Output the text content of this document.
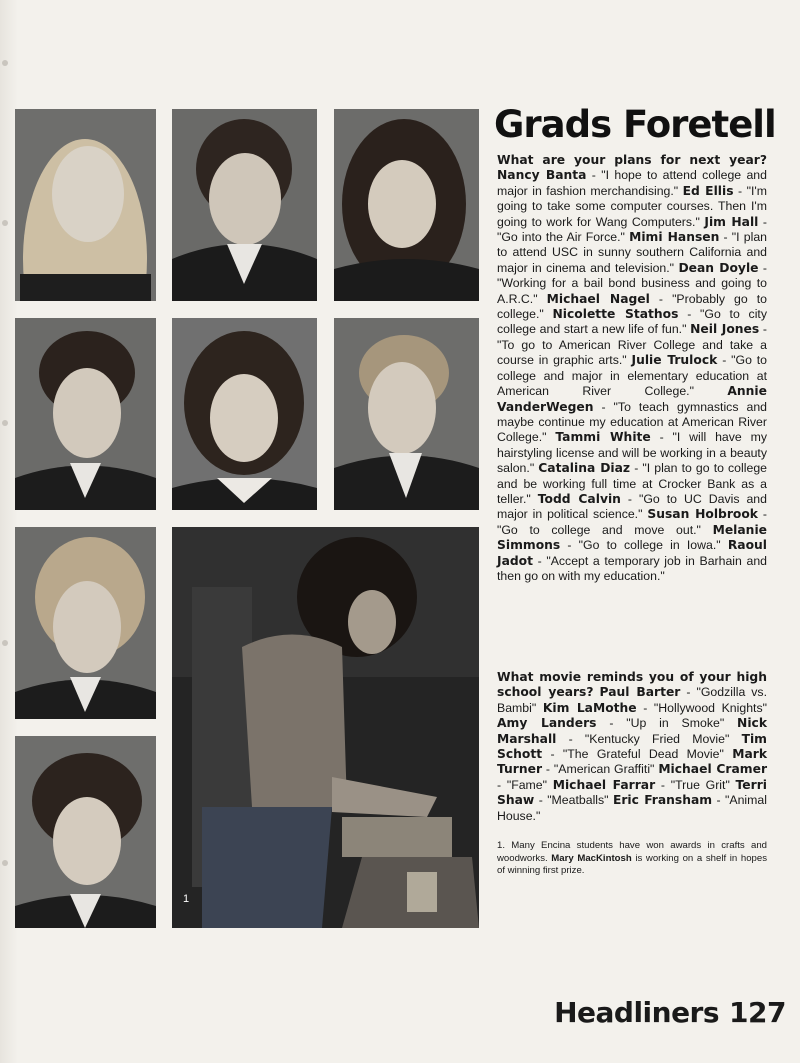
1
Grads Foretell
What are your plans for next year? Nancy Banta - "I hope to attend college and major in fashion merchandising." Ed Ellis - "I'm going to take some computer courses. Then I'm going to work for Wang Computers." Jim Hall - "Go into the Air Force." Mimi Hansen - "I plan to attend USC in sunny southern California and major in cinema and television." Dean Doyle - "Working for a bail bond business and going to A.R.C." Michael Nagel - "Probably go to college." Nicolette Stathos - "Go to city college and start a new life of fun." Neil Jones - "To go to American River College and take a course in graphic arts." Julie Trulock - "Go to college and major in elementary education at American River College."	Annie VanderWegen - "To teach gymnastics and maybe continue my education at American River College." Tammi White - "I will have my hairstyling license and will be working in a beauty salon." Catalina Diaz - "I plan to go to college and be working full time at Crocker Bank as a teller." Todd Calvin - "Go to UC Davis and major in political science." Susan Holbrook - "Go to college and move out." Melanie Simmons - "Go to college in Iowa." Raoul Jadot - "Accept a temporary job in Barhain and then go on with my education."
What movie reminds you of your high school years? Paul Barter - "Godzilla vs. Bambi" Kim LaMothe - "Hollywood Knights" Amy Landers - "Up in Smoke" Nick Marshall - "Kentucky Fried Movie" Tim Schott - "The Grateful Dead Movie" Mark Turner - "American Graffiti" Michael Cramer - "Fame" Michael Farrar - "True Grit" Terri Shaw - "Meatballs" Eric Fransham - "Animal House."
1. Many Encina students have won awards in crafts and woodworks. Mary MacKintosh is working on a shelf in hopes of winning first prize.
Headliners 127
